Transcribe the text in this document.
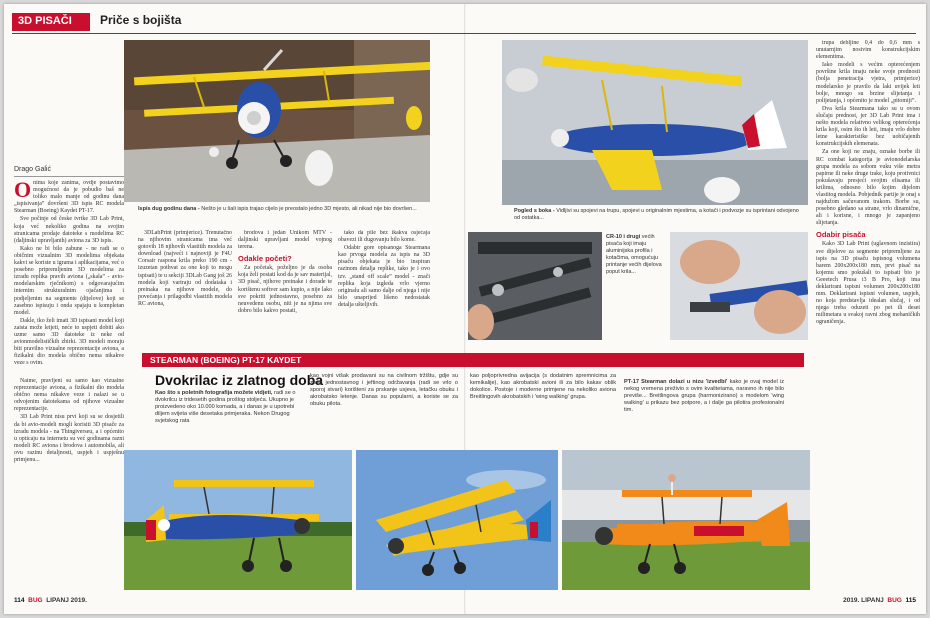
3D PISAČI	Priče s bojišta
Ispis dug godinu dana - Nešto je u šali ispis trajao cijelo je preostalo jedno 3D mjesto, ali nikad nije bio dovršen...	Pogled s boka - Vidljivi su spojevi na trupu, spojevi u originalnim mjestima, a kotači i podvozje su isprintani odvojeno od ostatka...
CR-10 i drugi većih pisača koji imaju aluminijska profila i kotačima, omogućuju printanje većih dijelova poput krila...
Drago Galić

Onima koje zanima, ovdje postavimo mogućnost da je pobudio baš ne toliko malo manje od godinu dana „ispisivanja” dovršeni 3D ispis RC modela Stearman (Boeing) Kaydet PT-17.

Sve počinje od česke tvrtke 3D Lab Print, koja već nekoliko godina na svojim stranicama prodaje datoteke s modelima RC (daljinski upravljanih) aviona za 3D ispis.

Kako ne bi bilo zabune - ne radi se o običnim vizualnim 3D modelima objekata kakvi se koriste u igrama i aplikacijama, već o posebno pripremljenim 3D modelima za izradu replika pravih aviona („skala” - avio-modelarskim rječnikom) s odgovarajućim internim strukturalnim ojačanjima i podjeljenim na segmente (dijelove) koji se zasebno ispisuju i onda spajaju u kompletan model.

Dakle, tko želi imati 3D ispisani model koji zaista može letjeti, neće to uspjeti dobiti ako uzme samo 3D datoteke iz neke od avionmodelističkih zbirki. 3D modeli moraju biti pravilno vizualne reprezentacije aviona, a fizikalni dio modela obično nema nikakve veze s ovim.

Naime, pravljeni su samo kao vizualne reprezentacije aviona, a fizikalni dio modela obično nema nikakve veze i nalazi se u odvojenim datotekama od njihove vizualne reprezentacije.

3D Lab Print nisu prvi koji su se dosjetili da bi avio-modeli mogli korisiti 3D pisače za izradu modela - na Thingiverseu, a i općenito u opticaju na internetu su već godinama razni modeli RC aviona i brodova i automobila, ali ovu razinu detaljnosti, uspjeh i uspješnu primjenu...

3DLabPrint (primjerice). Trenutačno na njihovim stranicama ima već gotovih 18 njihovih vlastitih modela za download (najveći i najnoviji je F4U Corsair raspona krila preko 190 cm - izuzetan pothvat za one koji to mogu ispisati) te u sekciji 3DLab Gang još 26 modela koji variraju od dodataka i preinaka na njihove modele, do povećanja i prilagodbi vlastitih modela RC aviona,

brodova i jedan Unikom MTV - daljinski upravljani model vojnog terena.

Odakle početi?

Za početak, poželjno je da osoba koja želi postati kod da je sav materijal, 3D pisač, njihove preinake i dorade te korištenu softver sam kupio, a nije lako sve pokriti jednostavno, posebno za neuvedenu osobu, niti je na njima sve dobro bilo kakvo postati,

tako da pile bez ikakva osjećaja obavezi ili dugovanju bilo kome.

Odabir gore opisanoga Stearmana kao prvoga modela za ispis na 3D pisaču objekata je bio inspiran razinom detalja replike, tako je i ovo tzv. „stand off scale” model - znači replika koja izgleda vrlo vjerno originalu ali samo dalje od njega i nije bilo unaprijed lišeno nedostatak detalja ušteljivih.

trupa debljine 0,4 do 0,6 mm s unutarnjim nosivim konstrukcijskim elementima.

Iako modeli s većim opterećenjem površine krila imaju neke svoje prednosti (bolja penetracija vjetra, primjerice) modelarsko je pravilo da laki uvijek leti bolje, mnogo su brzine slijetanja i polijetanja, i općenito je model „pitomiji”.

Dva krila Stearmana tako su u ovom slučaju prednost, jer 3D Lab Print ima i nešto modela relativno velikog opterećenja krila koji, osim što ih leti, imaju vrlo dobre letne karakteristike bez uobičajenih konstrukcijskih elemenata.

Za one koji ne znaju, oznake borbe ili RC combat kategorija je avionodelarska grupa modela za sobom vuku više metra papirne ili neke druge trake, koju protivnici pokušavaju presjeći svojim elisama ili krilima, odnosno bilo kojim dijelom vlastitog modela. Pobjednik partije je onaj s najdužom sačuvanom trakom. Borbe su, posebno gledano sa strane, vrlo dinamične, ali i korisne, i mnogo je zapanjeno slijetanja.

Odabir pisača

Kako 3D Lab Print (uglavnom inzistira) sve dijelove za segmente pripremljene za ispis na 3D pisaču ispisnog volumena barem 200x200x180 mm, prvi pisač na kojemu smo pokušali to ispisati bio je Geeetech Prusa i3 B Pro, koji ima deklarirani ispisni volumen 200x200x180 mm. Deklarirani ispisni volumen, uspjeh, no koja predstavlja idealan slučaj, i od njega treba oduzeti po pet ili deset milimetara u svakoj ravni zbog mehaničkih ograničenja.

STEARMAN (BOEING) PT-17 KAYDET
Dvokrilac iz zlatnog doba
Kao što s poletnih fotografija možete vidjeti, radi se o dvokrilcu iz tridesetih godina prošlog stoljeća. Ukupno je proizvedeno oko 10.000 komada, a i danas je u upotrebi diljem svijeta više desetaka primjeraka. Nekon Drugog svjetskog rata

kao vojni višak prodavani su na civilnom tržištu, gdje su zbog jednostavnog i jeftinog održavanja (radi se vrlo o sporoj stvari) korišteni za prskanje usjeva, letačku obuku i akrobatsko letenje. Danas su popularni, a koriste se za obuku pilota.

kao poljoprivredna avijacija (s dodatnim spremnicima za kemikalije), kao akrobatski avioni ili za bilo kakav oblik dokolice. Postoje i moderne primjene na nekoliko aviona Breitlingovih akrobatskih i 'wing walking' grupa.

PT-17 Stearman dolazi u nizu 'izvedbi' kako je ovaj model iz nekog vremena preživio s ovim kvalitetama, naravno ih nije bilo previše... Breitlingova grupa (harmonizirano) s modelom 'wing walking' u prikazu bez potpore, a i dalje ga pilotira profesionalni tim.

114 BUG LIPANJ 2019.	2019. LIPANJ BUG 115
